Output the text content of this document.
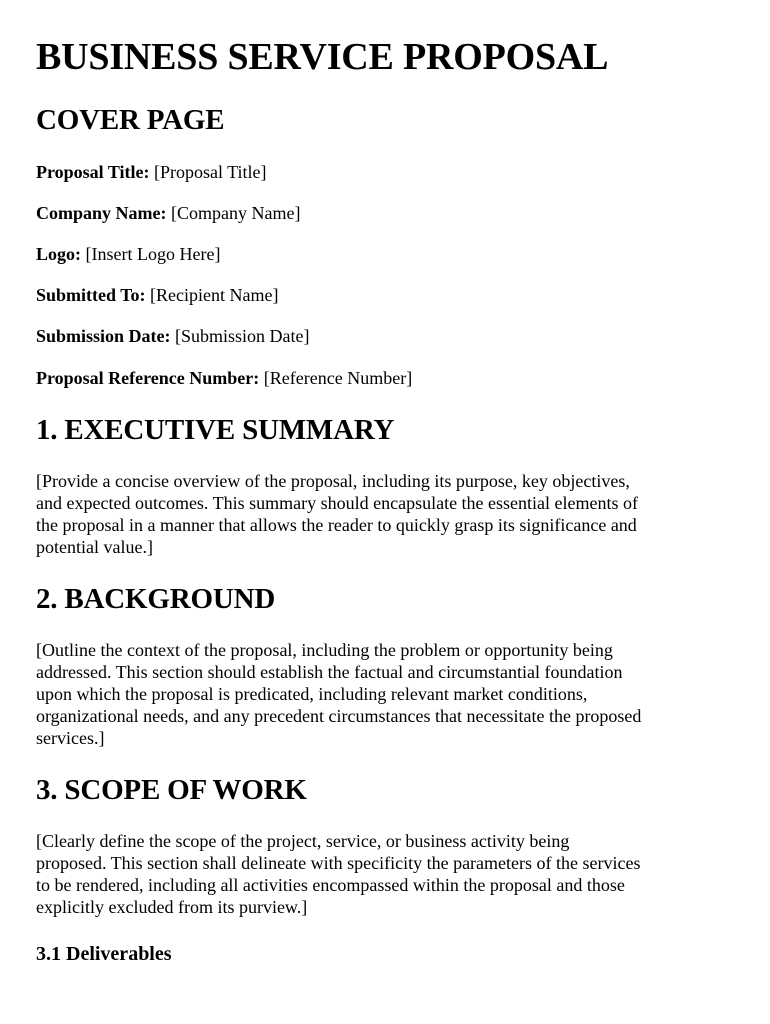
BUSINESS SERVICE PROPOSAL
COVER PAGE

Proposal Title: [Proposal Title]

Company Name: [Company Name]

Logo: [Insert Logo Here]

Submitted To: [Recipient Name]

Submission Date: [Submission Date]

Proposal Reference Number: [Reference Number]

1. EXECUTIVE SUMMARY
[Provide a concise overview of the proposal, including its purpose, key objectives,
and expected outcomes. This summary should encapsulate the essential elements of
the proposal in a manner that allows the reader to quickly grasp its significance and
potential value.]
2. BACKGROUND
[Outline the context of the proposal, including the problem or opportunity being
addressed. This section should establish the factual and circumstantial foundation
upon which the proposal is predicated, including relevant market conditions,
organizational needs, and any precedent circumstances that necessitate the proposed
services.]
3. SCOPE OF WORK
[Clearly define the scope of the project, service, or business activity being
proposed. This section shall delineate with specificity the parameters of the services
to be rendered, including all activities encompassed within the proposal and those
explicitly excluded from its purview.]
3.1 Deliverables
